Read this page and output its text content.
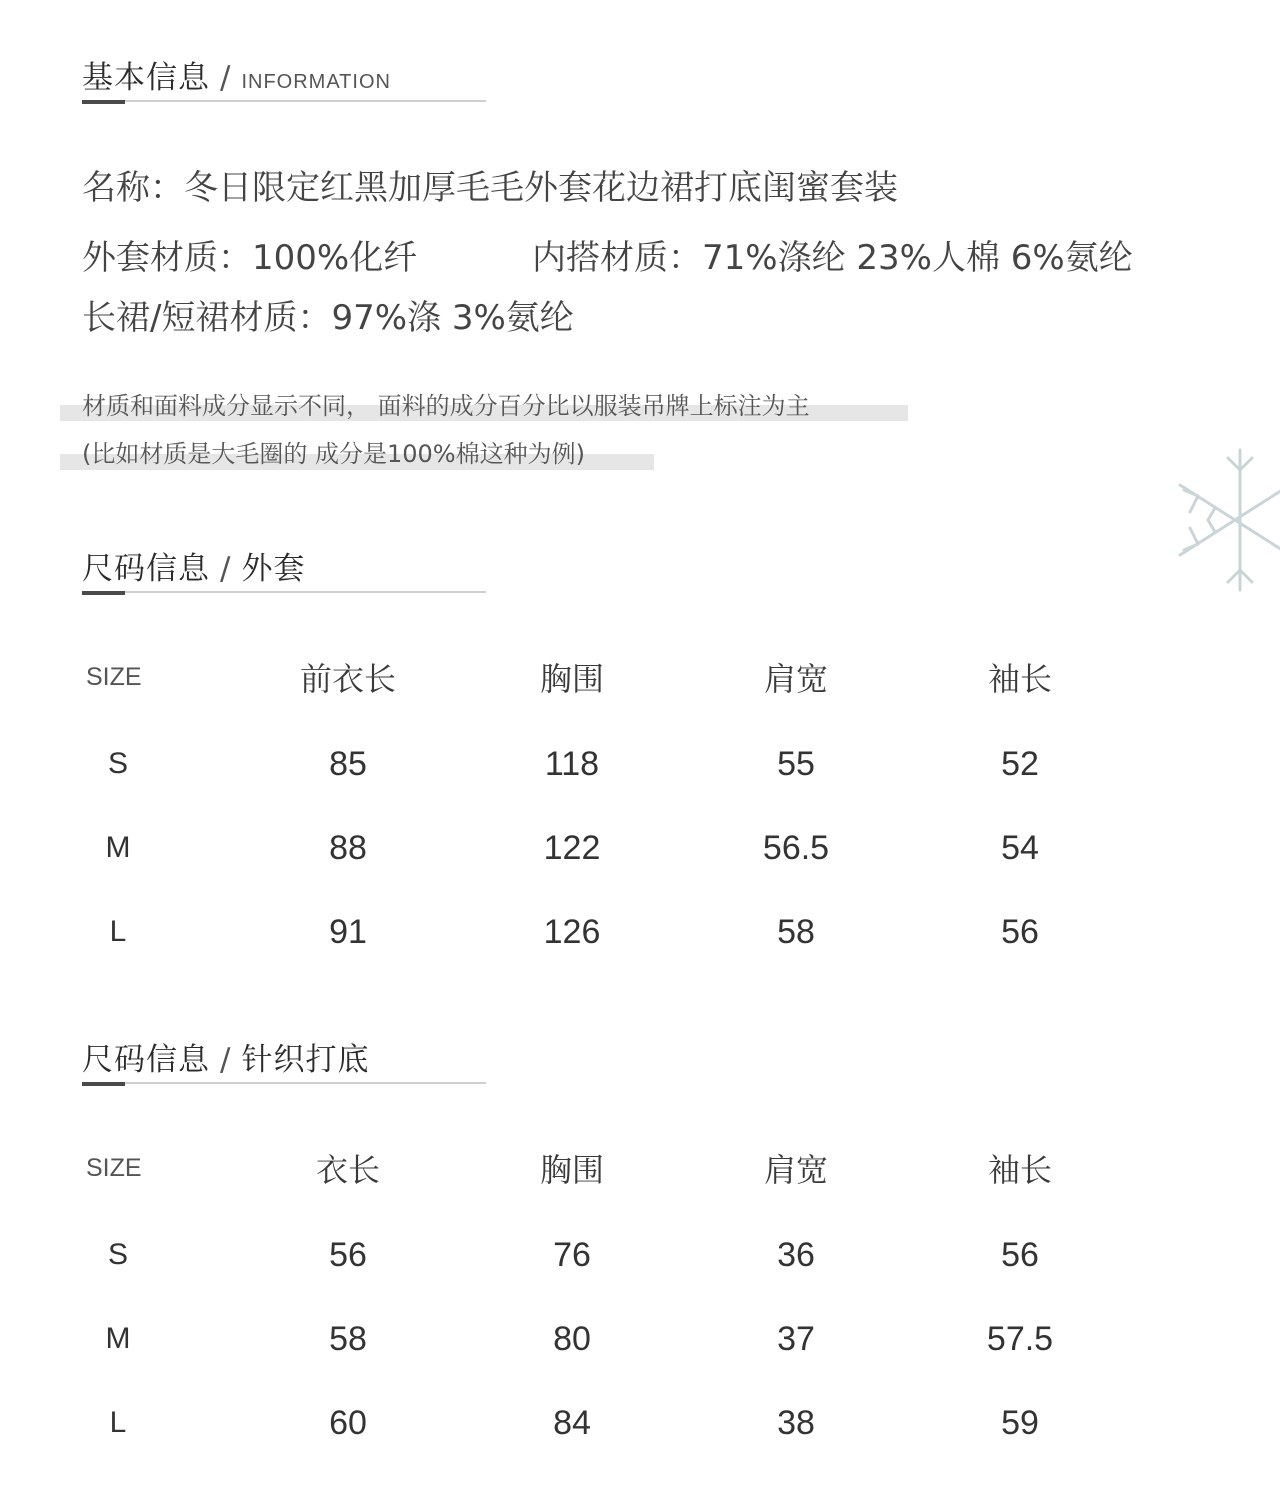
基本信息 / INFORMATION
名称：冬日限定红黑加厚毛毛外套花边裙打底闺蜜套装
外套材质：100%化纤	内搭材质：71%涤纶 23%人棉 6%氨纶
长裙/短裙材质：97%涤 3%氨纶
材质和面料成分显示不同， 面料的成分百分比以服装吊牌上标注为主
(比如材质是大毛圈的 成分是100%棉这种为例)
尺码信息 / 外套
SIZE	前衣长	胸围	肩宽	袖长
S	85	118	55	52
M	88	122	56.5	54
L	91	126	58	56
尺码信息 / 针织打底
SIZE	衣长	胸围	肩宽	袖长
S	56	76	36	56
M	58	80	37	57.5
L	60	84	38	59
